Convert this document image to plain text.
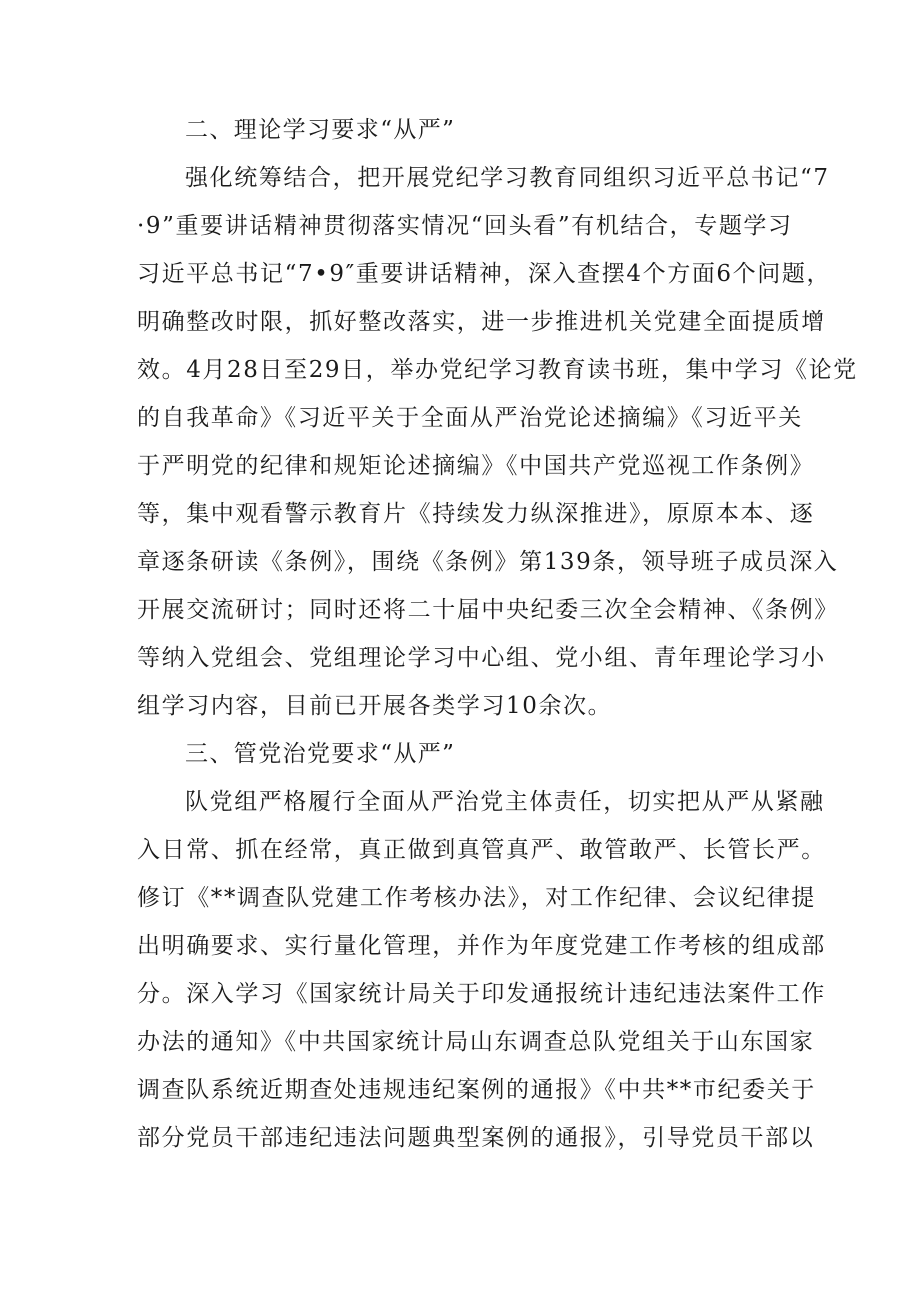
二、理论学习要求“从严”
强化统筹结合，把开展党纪学习教育同组织习近平总书记“7
·9”重要讲话精神贯彻落实情况“回头看”有机结合，专题学习
习近平总书记“7•9″重要讲话精神，深入查摆4个方面6个问题，
明确整改时限，抓好整改落实，进一步推进机关党建全面提质增
效。4月28日至29日，举办党纪学习教育读书班，集中学习《论党
的自我革命》《习近平关于全面从严治党论述摘编》《习近平关
于严明党的纪律和规矩论述摘编》《中国共产党巡视工作条例》
等，集中观看警示教育片《持续发力纵深推进》，原原本本、逐
章逐条研读《条例》，围绕《条例》第139条，领导班子成员深入
开展交流研讨；同时还将二十届中央纪委三次全会精神、《条例》
等纳入党组会、党组理论学习中心组、党小组、青年理论学习小
组学习内容，目前已开展各类学习10余次。
三、管党治党要求“从严”
队党组严格履行全面从严治党主体责任，切实把从严从紧融
入日常、抓在经常，真正做到真管真严、敢管敢严、长管长严。
修订《**调查队党建工作考核办法》，对工作纪律、会议纪律提
出明确要求、实行量化管理，并作为年度党建工作考核的组成部
分。深入学习《国家统计局关于印发通报统计违纪违法案件工作
办法的通知》《中共国家统计局山东调查总队党组关于山东国家
调查队系统近期查处违规违纪案例的通报》《中共**市纪委关于
部分党员干部违纪违法问题典型案例的通报》，引导党员干部以
